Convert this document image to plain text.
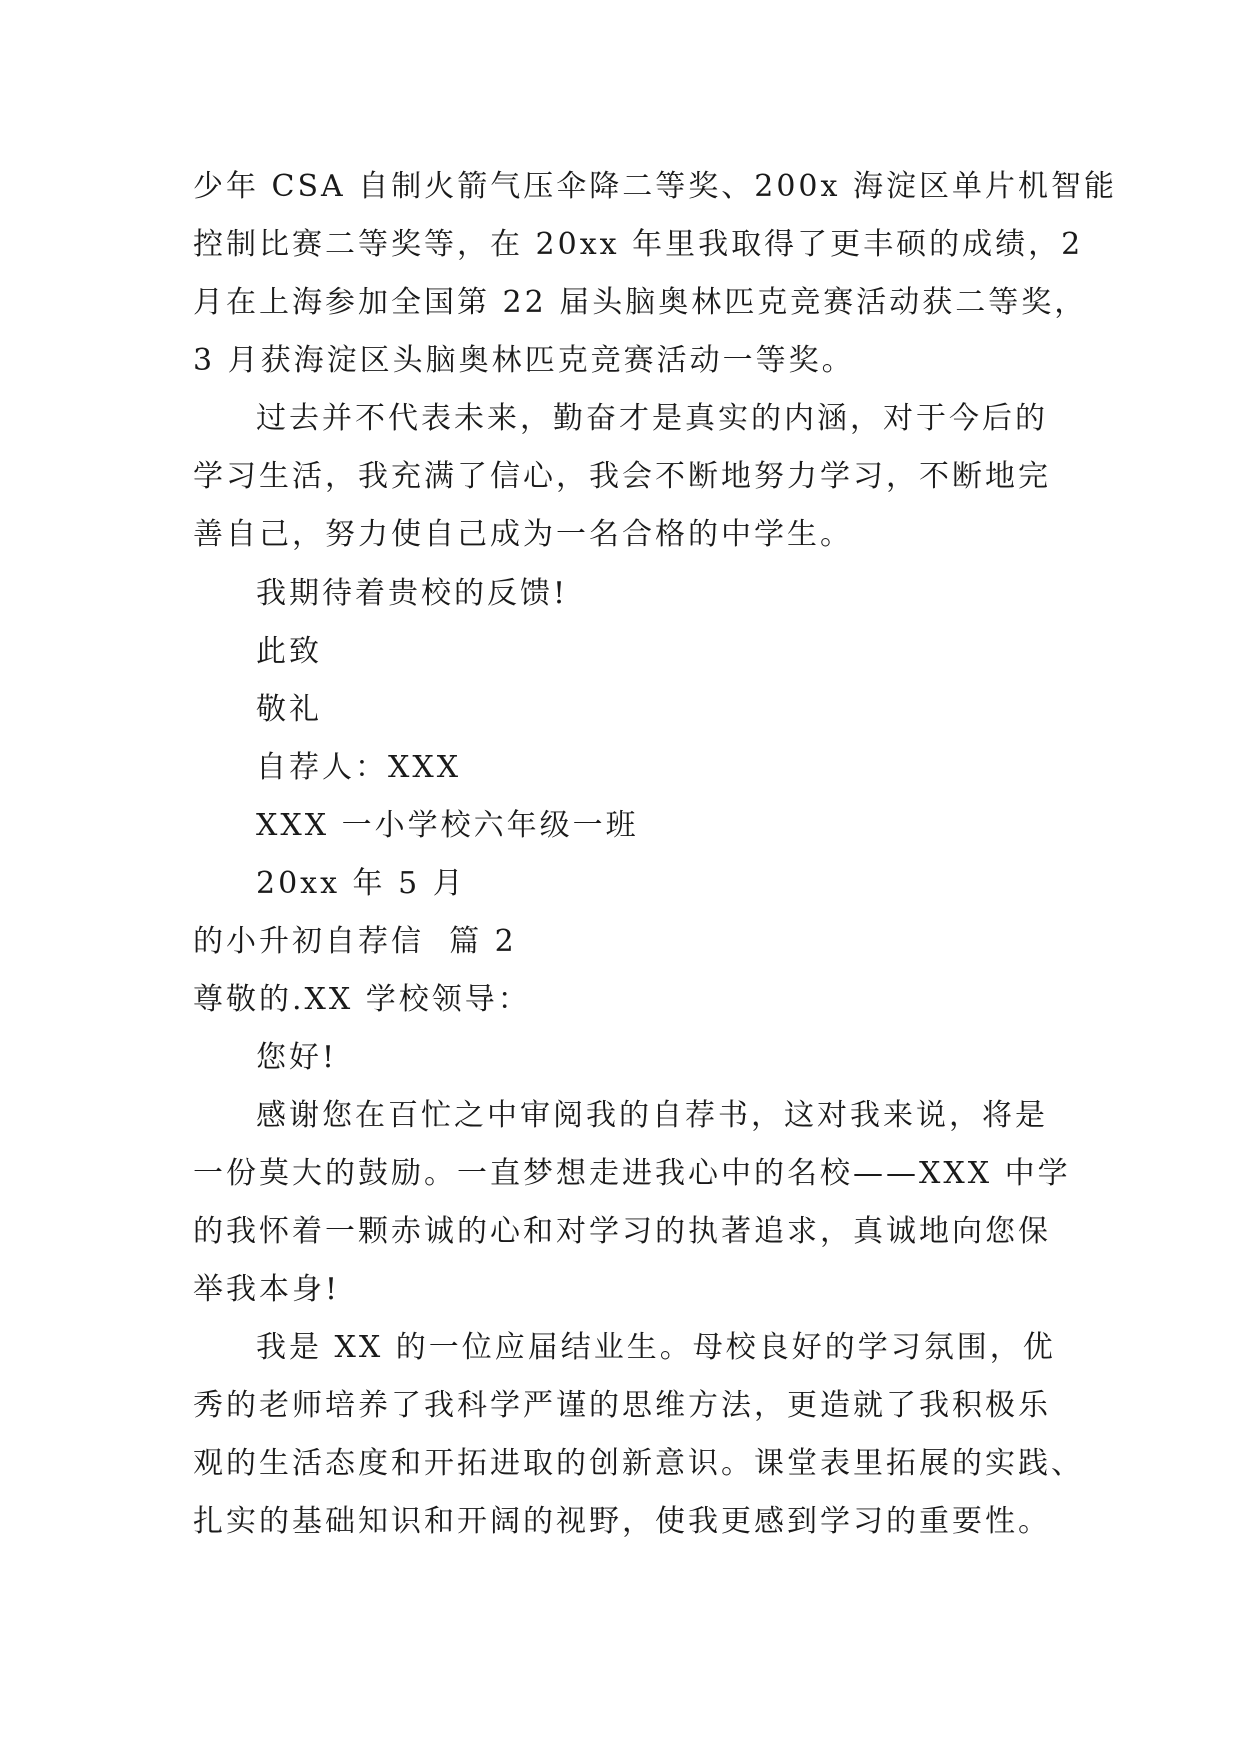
少年 CSA 自制火箭气压伞降二等奖、200x 海淀区单片机智能
控制比赛二等奖等，在 20xx 年里我取得了更丰硕的成绩，2
月在上海参加全国第 22 届头脑奥林匹克竞赛活动获二等奖，
3 月获海淀区头脑奥林匹克竞赛活动一等奖。
过去并不代表未来，勤奋才是真实的内涵，对于今后的
学习生活，我充满了信心，我会不断地努力学习，不断地完
善自己，努力使自己成为一名合格的中学生。
我期待着贵校的反馈!
此致
敬礼
自荐人：XXX
XXX 一小学校六年级一班
20xx 年 5 月
的小升初自荐信  篇 2
尊敬的.XX 学校领导：
您好!
感谢您在百忙之中审阅我的自荐书，这对我来说，将是
一份莫大的鼓励。一直梦想走进我心中的名校——XXX 中学
的我怀着一颗赤诚的心和对学习的执著追求，真诚地向您保
举我本身!
我是 XX 的一位应届结业生。母校良好的学习氛围，优
秀的老师培养了我科学严谨的思维方法，更造就了我积极乐
观的生活态度和开拓进取的创新意识。课堂表里拓展的实践、
扎实的基础知识和开阔的视野，使我更感到学习的重要性。
